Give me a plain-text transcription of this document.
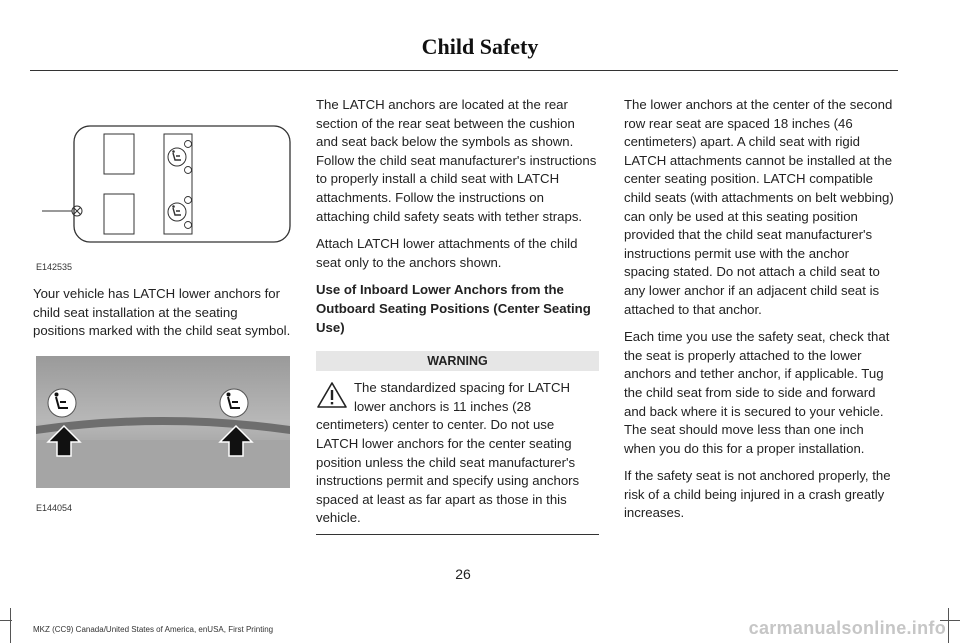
Child Safety
E142535

Your vehicle has LATCH lower anchors for child seat installation at the seating positions marked with the child seat symbol.

E144054

The LATCH anchors are located at the rear section of the rear seat between the cushion and seat back below the symbols as shown. Follow the child seat manufacturer's instructions to properly install a child seat with LATCH attachments. Follow the instructions on attaching child safety seats with tether straps.

Attach LATCH lower attachments of the child seat only to the anchors shown.

Use of Inboard Lower Anchors from the Outboard Seating Positions (Center Seating Use)

WARNING
The standardized spacing for LATCH lower anchors is 11 inches (28 centimeters) center to center. Do not use LATCH lower anchors for the center seating position unless the child seat manufacturer's instructions permit and specify using anchors spaced at least as far apart as those in this vehicle.

The lower anchors at the center of the second row rear seat are spaced 18 inches (46 centimeters) apart. A child seat with rigid LATCH attachments cannot be installed at the center seating position. LATCH compatible child seats (with attachments on belt webbing) can only be used at this seating position provided that the child seat manufacturer's instructions permit use with the anchor spacing stated. Do not attach a child seat to any lower anchor if an adjacent child seat is attached to that anchor.

Each time you use the safety seat, check that the seat is properly attached to the lower anchors and tether anchor, if applicable. Tug the child seat from side to side and forward and back where it is secured to your vehicle. The seat should move less than one inch when you do this for a proper installation.

If the safety seat is not anchored properly, the risk of a child being injured in a crash greatly increases.

26
MKZ (CC9) Canada/United States of America, enUSA, First Printing	carmanualsonline.info
